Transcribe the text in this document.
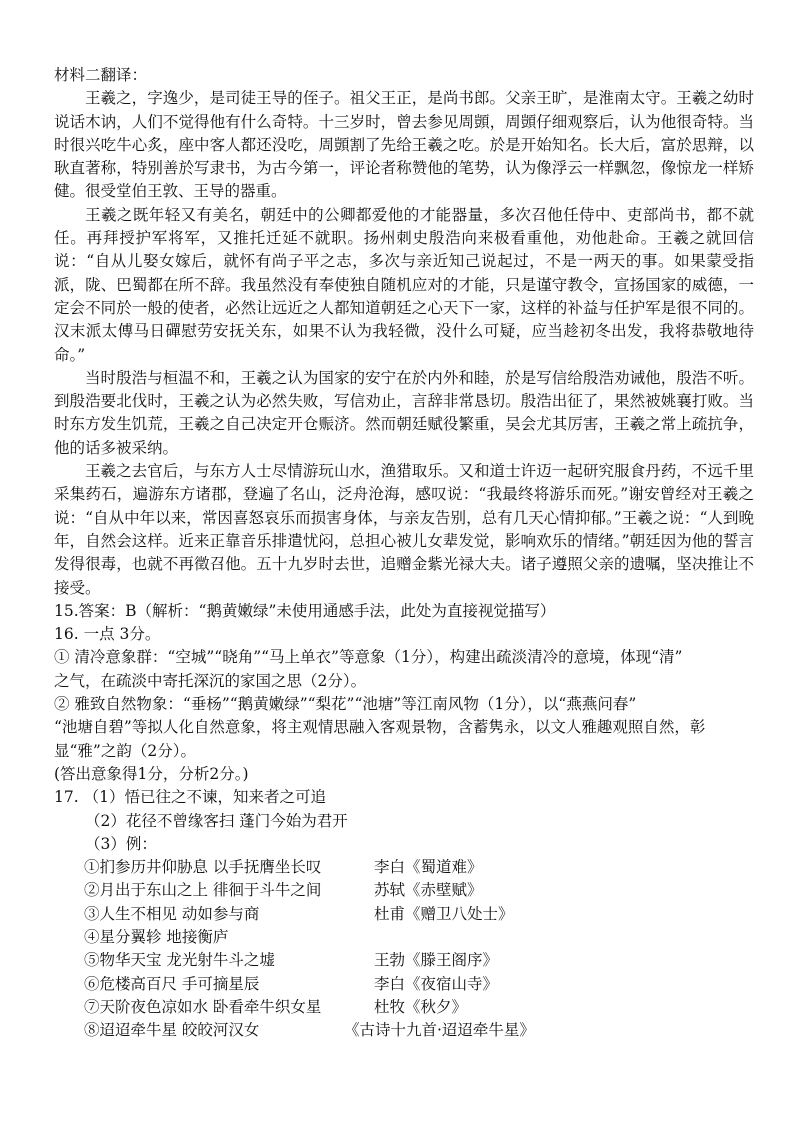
材料二翻译：

王羲之，字逸少，是司徒王导的侄子。祖父王正，是尚书郎。父亲王旷，是淮南太守。王羲之幼时说话木讷，人们不觉得他有什么奇特。十三岁时，曾去参见周顗，周顗仔细观察后，认为他很奇特。当时很兴吃牛心炙，座中客人都还没吃，周顗割了先给王羲之吃。於是开始知名。长大后，富於思辩，以耿直著称，特别善於写隶书，为古今第一，评论者称赞他的笔势，认为像浮云一样飘忽，像惊龙一样矫健。很受堂伯王敦、王导的器重。

王羲之既年轻又有美名，朝廷中的公卿都爱他的才能器量，多次召他任侍中、吏部尚书，都不就任。再拜授护军将军，又推托迁延不就职。扬州刺史殷浩向来极看重他，劝他赴命。王羲之就回信说：“自从儿娶女嫁后，就怀有尚子平之志，多次与亲近知己说起过，不是一两天的事。如果蒙受指派，陇、巴蜀都在所不辞。我虽然没有奉使独自随机应对的才能，只是谨守教令，宣扬国家的威德，一定会不同於一般的使者，必然让远近之人都知道朝廷之心天下一家，这样的补益与任护军是很不同的。汉末派太傅马日磾慰劳安抚关东，如果不认为我轻微，没什么可疑，应当趁初冬出发，我将恭敬地待命。”

当时殷浩与桓温不和，王羲之认为国家的安宁在於内外和睦，於是写信给殷浩劝诫他，殷浩不听。到殷浩要北伐时，王羲之认为必然失败，写信劝止，言辞非常恳切。殷浩出征了，果然被姚襄打败。当时东方发生饥荒，王羲之自己决定开仓赈济。然而朝廷赋役繁重，吴会尤其厉害，王羲之常上疏抗争，他的话多被采纳。

王羲之去官后，与东方人士尽情游玩山水，渔猎取乐。又和道士许迈一起研究服食丹药，不远千里采集药石，遍游东方诸郡，登遍了名山，泛舟沧海，感叹说：“我最终将游乐而死。”谢安曾经对王羲之说：“自从中年以来，常因喜怒哀乐而损害身体，与亲友告别，总有几天心情抑郁。”王羲之说：“人到晚年，自然会这样。近来正靠音乐排遣忧闷，总担心被儿女辈发觉，影响欢乐的情绪。”朝廷因为他的誓言发得很毒，也就不再徵召他。五十九岁时去世，追赠金紫光禄大夫。诸子遵照父亲的遗嘱，坚决推让不接受。

15.答案：B（解析：“鹅黄嫩绿”未使用通感手法，此处为直接视觉描写）
16. 一点 3分。
① 清冷意象群：“空城”“晓角”“马上单衣”等意象（1分），构建出疏淡清冷的意境，体现“清”
之气，在疏淡中寄托深沉的家国之思（2分）。
② 雅致自然物象：“垂杨”“鹅黄嫩绿”“梨花”“池塘”等江南风物（1分），以“燕燕问春”
“池塘自碧”等拟人化自然意象，将主观情思融入客观景物，含蓄隽永，以文人雅趣观照自然，彰
显“雅”之韵（2分）。
(答出意象得1分，分析2分。)
17. （1）悟已往之不谏，知来者之可追
（2）花径不曾缘客扫 蓬门今始为君开
（3）例：
①扪参历井仰胁息 以手抚膺坐长叹	李白《蜀道难》
②月出于东山之上 徘徊于斗牛之间	苏轼《赤壁赋》
③人生不相见 动如参与商	杜甫《赠卫八处士》
④星分翼轸 地接衡庐
⑤物华天宝 龙光射牛斗之墟	王勃《滕王阁序》
⑥危楼高百尺 手可摘星辰	李白《夜宿山寺》
⑦天阶夜色凉如水 卧看牵牛织女星	杜牧《秋夕》
⑧迢迢牵牛星 皎皎河汉女	《古诗十九首·迢迢牵牛星》
